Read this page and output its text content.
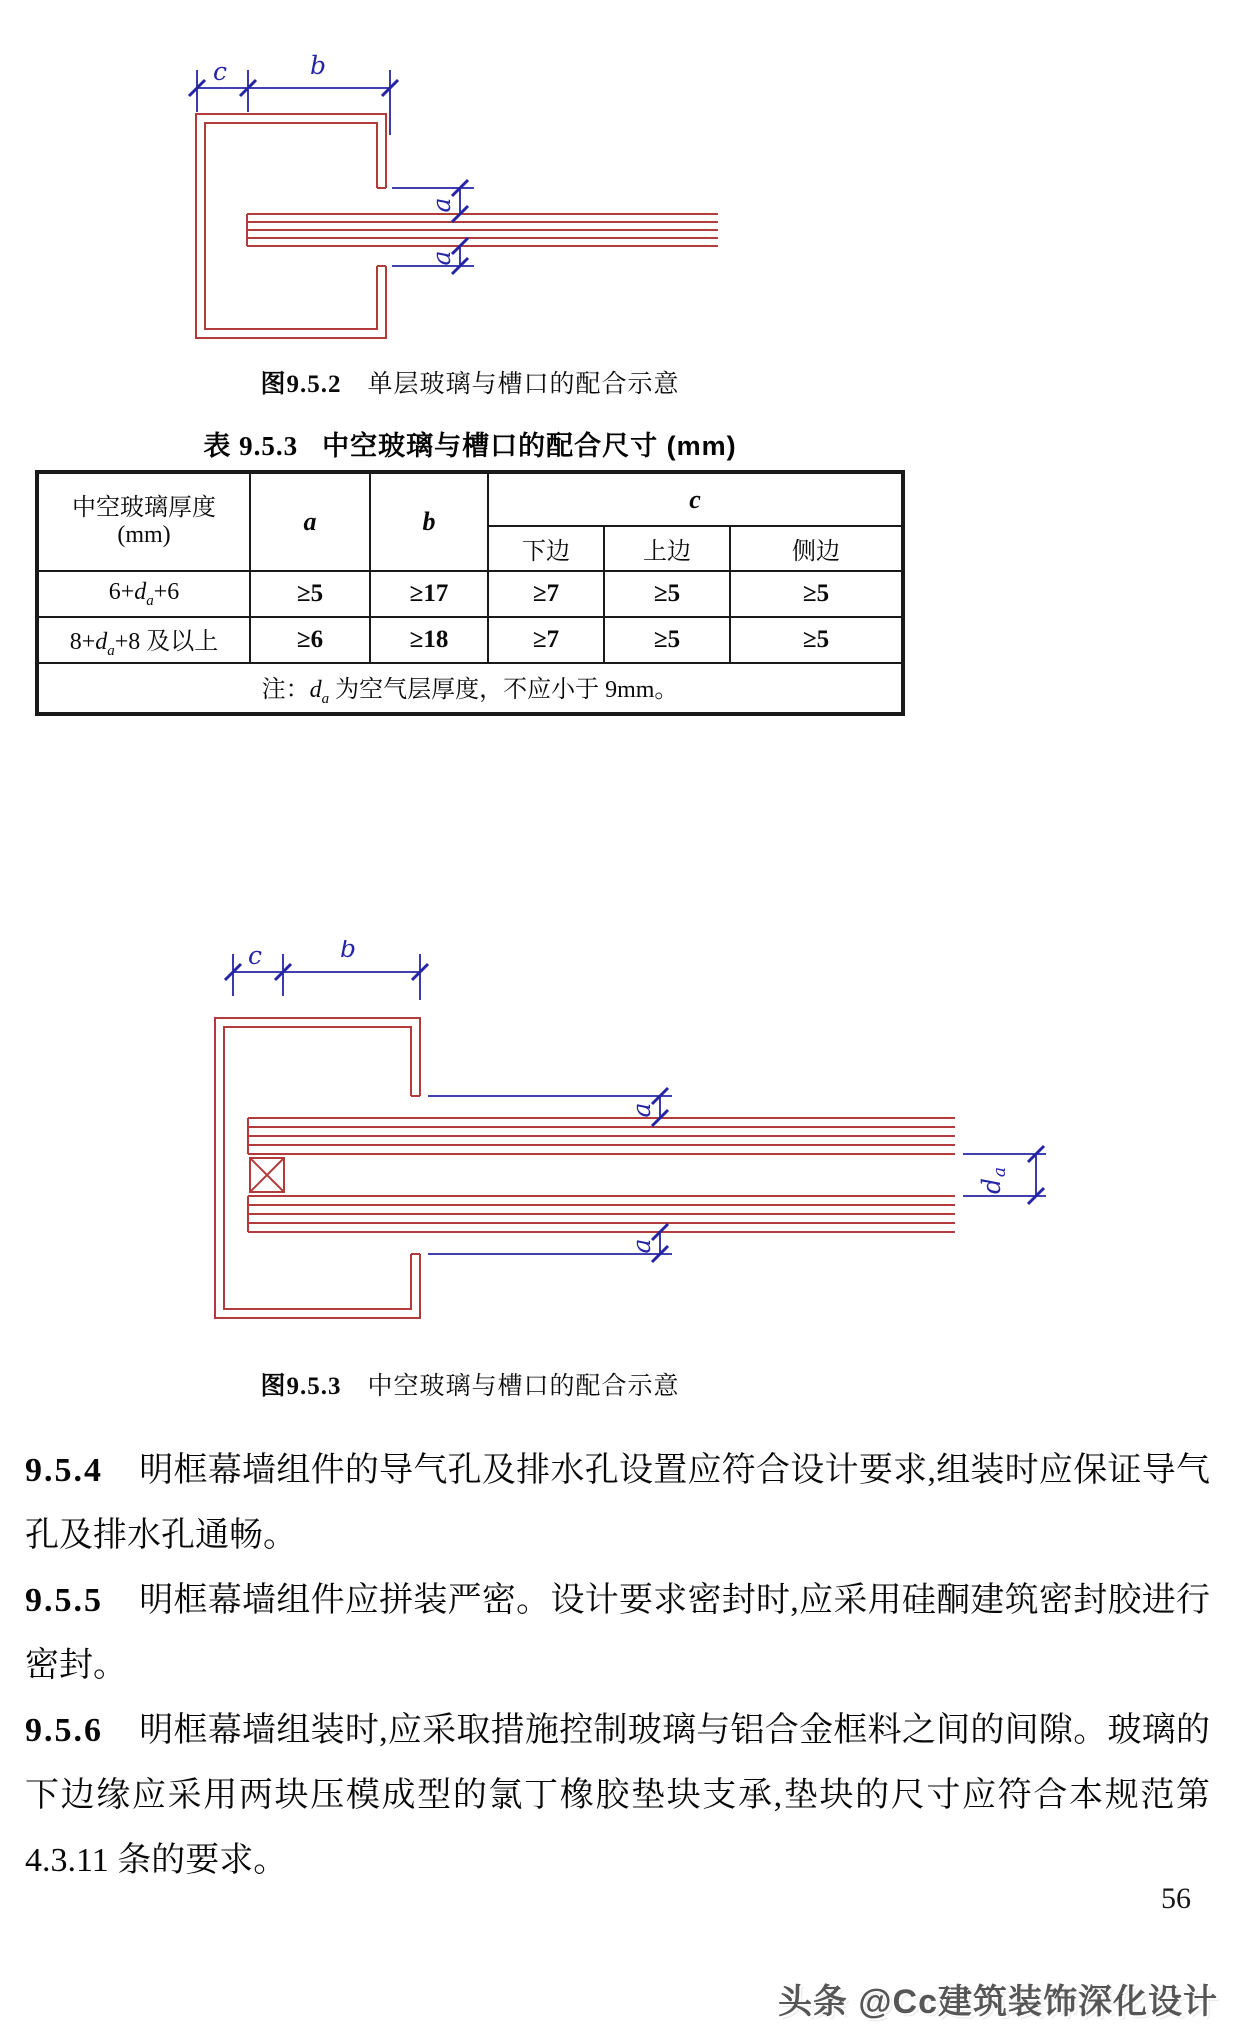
c	b
a
a
图9.5.2 单层玻璃与槽口的配合示意
表 9.5.3 中空玻璃与槽口的配合尺寸 (mm)
中空玻璃厚度
(mm)	a	b	c		
			下边	上边	侧边
$6+d_a+6$	≥5	≥17	≥7	≥5	≥5
$8+d_a+8$ 及以上	≥6	≥18	≥7	≥5	≥5
注：$d_a$ 为空气层厚度，不应小于 9mm。					
c	b
a
a
d
a
图9.5.3 中空玻璃与槽口的配合示意

9.5.4 明框幕墙组件的导气孔及排水孔设置应符合设计要求,组装时应保证导气孔及排水孔通畅。

9.5.5 明框幕墙组件应拼装严密。设计要求密封时,应采用硅酮建筑密封胶进行密封。

9.5.6 明框幕墙组装时,应采取措施控制玻璃与铝合金框料之间的间隙。玻璃的下边缘应采用两块压模成型的氯丁橡胶垫块支承,垫块的尺寸应符合本规范第 4.3.11 条的要求。

56
头条 @Cc建筑装饰深化设计
